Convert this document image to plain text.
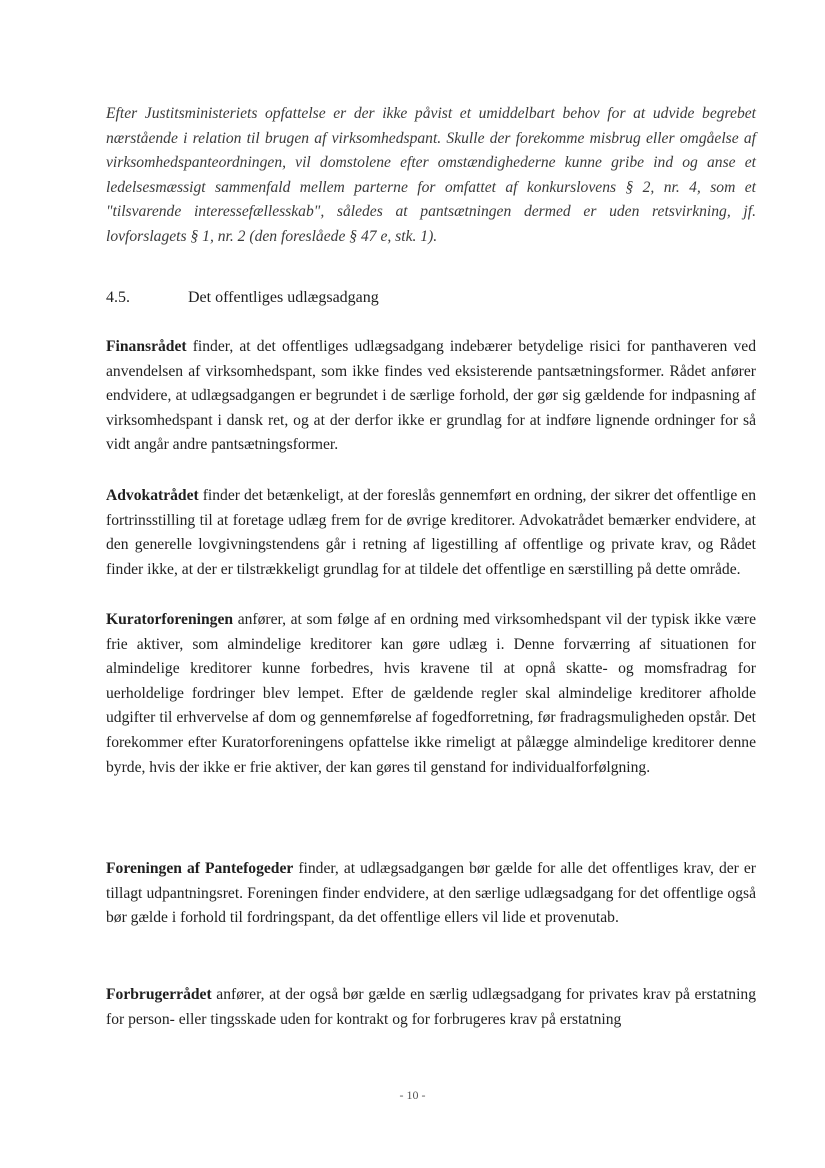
Efter Justitsministeriets opfattelse er der ikke påvist et umiddelbart behov for at udvide begrebet nærstående i relation til brugen af virksomhedspant. Skulle der forekomme misbrug eller omgåelse af virksomhedspanteordningen, vil domstolene efter omstændighederne kunne gribe ind og anse et ledelsesmæssigt sammenfald mellem parterne for omfattet af konkurslovens § 2, nr. 4, som et "tilsvarende interessefællesskab", således at pantsætningen dermed er uden retsvirkning, jf. lovforslagets § 1, nr. 2 (den foreslåede § 47 e, stk. 1).

4.5.	Det offentliges udlægsadgang

Finansrådet finder, at det offentliges udlægsadgang indebærer betydelige risici for panthaveren ved anvendelsen af virksomhedspant, som ikke findes ved eksisterende pantsætningsformer. Rådet anfører endvidere, at udlægsadgangen er begrundet i de særlige forhold, der gør sig gældende for indpasning af virksomhedspant i dansk ret, og at der derfor ikke er grundlag for at indføre lignende ordninger for så vidt angår andre pantsætningsformer.

Advokatrådet finder det betænkeligt, at der foreslås gennemført en ordning, der sikrer det offentlige en fortrinsstilling til at foretage udlæg frem for de øvrige kreditorer. Advokatrådet bemærker endvidere, at den generelle lovgivningstendens går i retning af ligestilling af offentlige og private krav, og Rådet finder ikke, at der er tilstrækkeligt grundlag for at tildele det offentlige en særstilling på dette område.

Kuratorforeningen anfører, at som følge af en ordning med virksomhedspant vil der typisk ikke være frie aktiver, som almindelige kreditorer kan gøre udlæg i. Denne forværring af situationen for almindelige kreditorer kunne forbedres, hvis kravene til at opnå skatte- og momsfradrag for uerholdelige fordringer blev lempet. Efter de gældende regler skal almindelige kreditorer afholde udgifter til erhvervelse af dom og gennemførelse af fogedforretning, før fradragsmuligheden opstår. Det forekommer efter Kuratorforeningens opfattelse ikke rimeligt at pålægge almindelige kreditorer denne byrde, hvis der ikke er frie aktiver, der kan gøres til genstand for individualforfølgning.

Foreningen af Pantefogeder finder, at udlægsadgangen bør gælde for alle det offentliges krav, der er tillagt udpantningsret. Foreningen finder endvidere, at den særlige udlægsadgang for det offentlige også bør gælde i forhold til fordringspant, da det offentlige ellers vil lide et provenutab.

Forbrugerrådet anfører, at der også bør gælde en særlig udlægsadgang for privates krav på erstatning for person- eller tingsskade uden for kontrakt og for forbrugeres krav på erstatning

- 10 -
